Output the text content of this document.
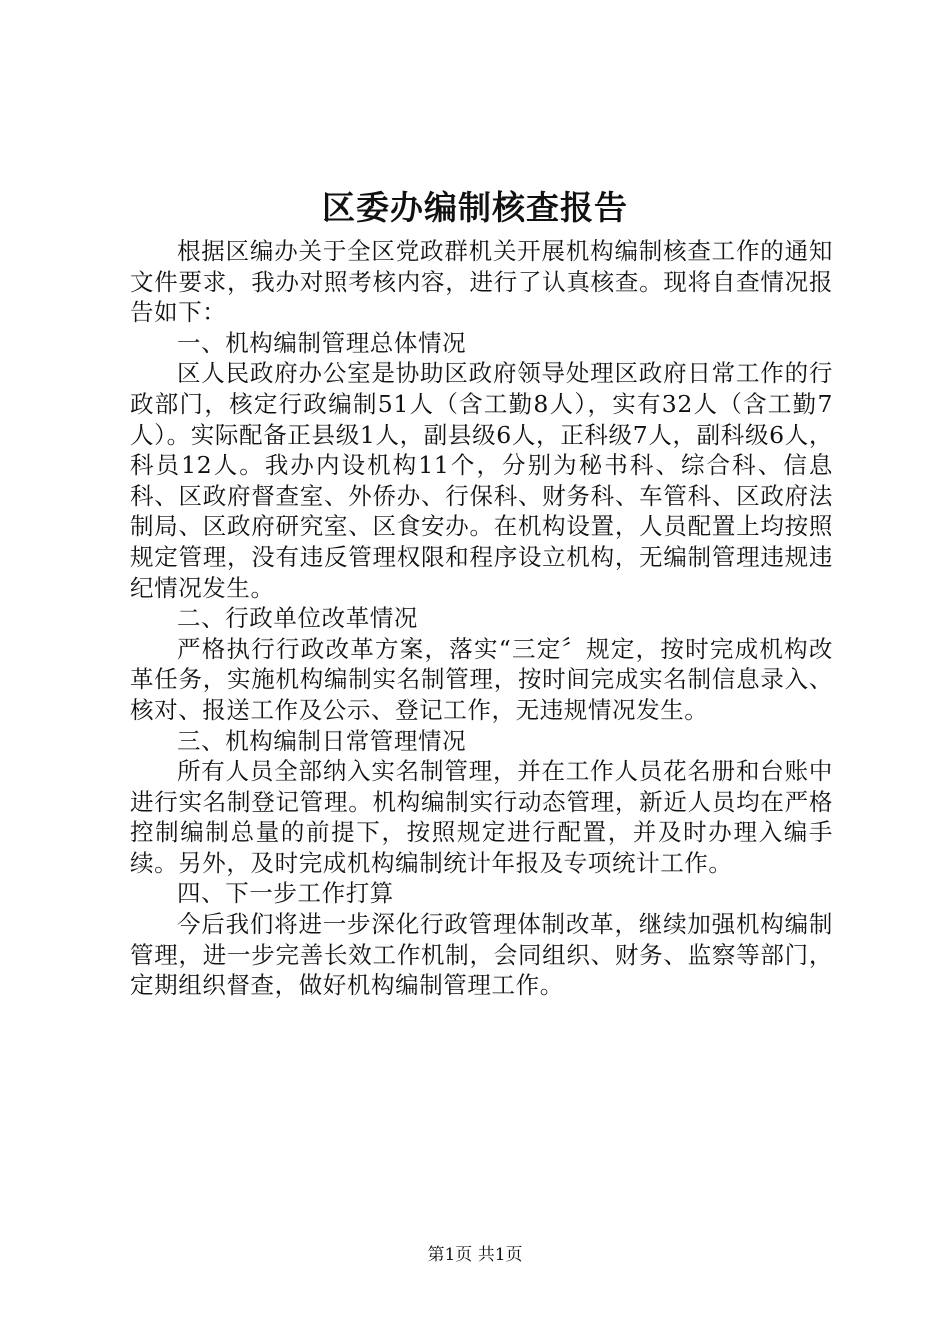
区委办编制核查报告

根据区编办关于全区党政群机关开展机构编制核查工作的通知文件要求，我办对照考核内容，进行了认真核查。现将自查情况报告如下：

一、机构编制管理总体情况

区人民政府办公室是协助区政府领导处理区政府日常工作的行政部门，核定行政编制51人（含工勤8人），实有32人（含工勤7人）。实际配备正县级1人，副县级6人，正科级7人，副科级6人，科员12人。我办内设机构11个，分别为秘书科、综合科、信息科、区政府督查室、外侨办、行保科、财务科、车管科、区政府法制局、区政府研究室、区食安办。在机构设置，人员配置上均按照规定管理，没有违反管理权限和程序设立机构，无编制管理违规违纪情况发生。

二、行政单位改革情况

严格执行行政改革方案，落实“三定〞规定，按时完成机构改革任务，实施机构编制实名制管理，按时间完成实名制信息录入、核对、报送工作及公示、登记工作，无违规情况发生。

三、机构编制日常管理情况

所有人员全部纳入实名制管理，并在工作人员花名册和台账中进行实名制登记管理。机构编制实行动态管理，新近人员均在严格控制编制总量的前提下，按照规定进行配置，并及时办理入编手续。另外，及时完成机构编制统计年报及专项统计工作。

四、下一步工作打算

今后我们将进一步深化行政管理体制改革，继续加强机构编制管理，进一步完善长效工作机制，会同组织、财务、监察等部门，定期组织督查，做好机构编制管理工作。

第1页 共1页
